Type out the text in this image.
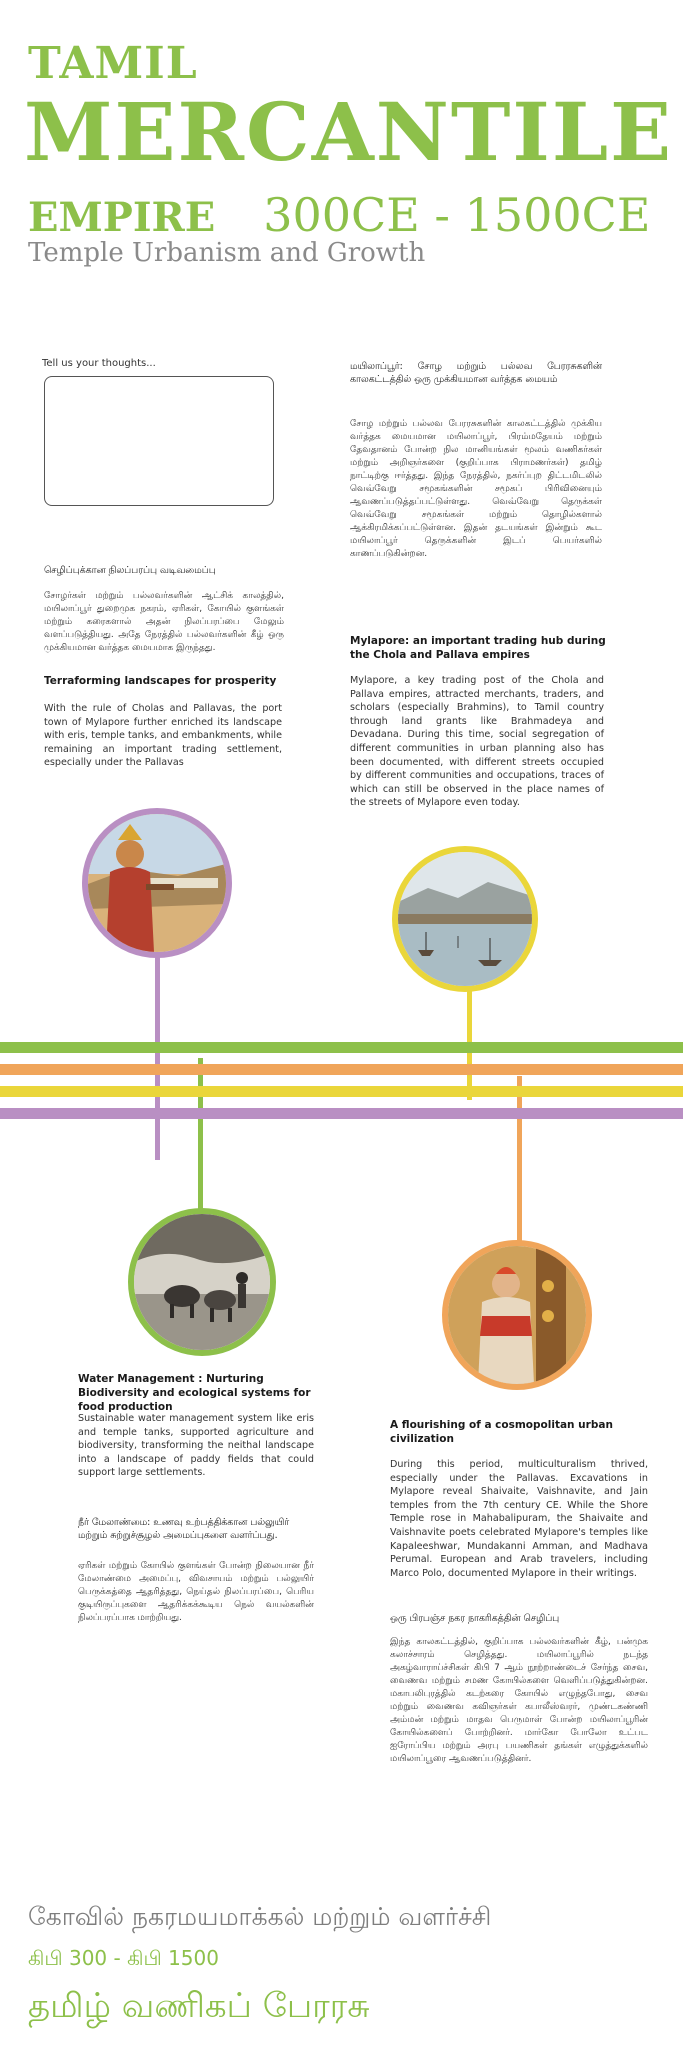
TAMIL
MERCANTILE
EMPIRE 300CE - 1500CE
Temple Urbanism and Growth
Tell us your thoughts...
செழிப்புக்கான நிலப்பரப்பு வடிவமைப்பு
சோழர்கள் மற்றும் பல்லவர்களின் ஆட்சிக் காலத்தில், மயிலாப்பூர் துறைமுக நகரம், ஏரிகள், கோயில் குளங்கள் மற்றும் கரைகளால் அதன் நிலப்பரப்பை மேலும் வளப்படுத்தியது. அதே நேரத்தில் பல்லவர்களின் கீழ் ஒரு முக்கியமான வர்த்தக மையமாக இருந்தது.
Terraforming landscapes for prosperity
With the rule of Cholas and Pallavas, the port town of Mylapore further enriched its landscape with eris, temple tanks, and embankments, while remaining an important trading settlement, especially under the Pallavas
மயிலாப்பூர்: சோழ மற்றும் பல்லவ பேரரசுகளின் காலகட்டத்தில் ஒரு முக்கியமான வர்த்தக மையம்
சோழ மற்றும் பல்லவ பேரரசுகளின் காலகட்டத்தில் முக்கிய வர்த்தக மையமான மயிலாப்பூர், பிரம்மதேயம் மற்றும் தேவதானம் போன்ற நில மானியங்கள் மூலம் வணிகர்கள் மற்றும் அறிஞர்களை (குறிப்பாக பிராமணர்கள்) தமிழ் நாட்டிற்கு ஈர்த்தது. இந்த நேரத்தில், நகர்ப்புற திட்டமிடலில் வெவ்வேறு சமூகங்களின் சமூகப் பிரிவினையும் ஆவணப்படுத்தப்பட்டுள்ளது. வெவ்வேறு தெருக்கள் வெவ்வேறு சமூகங்கள் மற்றும் தொழில்களால் ஆக்கிரமிக்கப்பட்டுள்ளன. இதன் தடயங்கள் இன்றும் கூட மயிலாப்பூர் தெருக்களின் இடப் பெயர்களில் காணப்படுகின்றன.
Mylapore: an important trading hub during the Chola and Pallava empires
Mylapore, a key trading post of the Chola and Pallava empires, attracted merchants, traders, and scholars (especially Brahmins), to Tamil country through land grants like Brahmadeya and Devadana. During this time, social segregation of different communities in urban planning also has been documented, with different streets occupied by different communities and occupations, traces of which can still be observed in the place names of the streets of Mylapore even today.
Water Management : Nurturing Biodiversity and ecological systems for food production
Sustainable water management system like eris and temple tanks, supported agriculture and biodiversity, transforming the neithal landscape into a landscape of paddy fields that could support large settlements.
நீர் மேலாண்மை: உணவு உற்பத்திக்கான பல்லுயிர் மற்றும் சுற்றுச்சூழல் அமைப்புகளை வளர்ப்பது.
ஏரிகள் மற்றும் கோயில் குளங்கள் போன்ற நிலையான நீர் மேலாண்மை அமைப்பு, விவசாயம் மற்றும் பல்லுயிர் பெருக்கத்தை ஆதரித்தது, நெய்தல் நிலப்பரப்பை, பெரிய குடியிருப்புகளை ஆதரிக்கக்கூடிய நெல் வயல்களின் நிலப்பரப்பாக மாற்றியது.
A flourishing of a cosmopolitan urban civilization
During this period, multiculturalism thrived, especially under the Pallavas. Excavations in Mylapore reveal Shaivaite, Vaishnavite, and Jain temples from the 7th century CE. While the Shore Temple rose in Mahabalipuram, the Shaivaite and Vaishnavite poets celebrated Mylapore's temples like Kapaleeshwar, Mundakanni Amman, and Madhava Perumal. European and Arab travelers, including Marco Polo, documented Mylapore in their writings.
ஒரு பிரபஞ்ச நகர நாகரிகத்தின் செழிப்பு
இந்த காலகட்டத்தில், குறிப்பாக பல்லவர்களின் கீழ், பன்முக கலாச்சாரம் செழித்தது. மயிலாப்பூரில் நடந்த அகழ்வாராய்ச்சிகள் கிபி 7 ஆம் நூற்றாண்டைச் சேர்ந்த சைவ, வைணவ மற்றும் சமண கோயில்களை வெளிப்படுத்துகின்றன. மகாபலிபுரத்தில் கடற்கரை கோயில் எழுந்தபோது, சைவ மற்றும் வைணவ கவிஞர்கள் கபாலீஸ்வரர், முண்டகண்ணி அம்மன் மற்றும் மாதவ பெருமாள் போன்ற மயிலாப்பூரின் கோயில்களைப் போற்றினர். மார்கோ போலோ உட்பட ஐரோப்பிய மற்றும் அரபு பயணிகள் தங்கள் எழுத்துக்களில் மயிலாப்பூரை ஆவணப்படுத்தினர்.
கோவில் நகரமயமாக்கல் மற்றும் வளர்ச்சி
கிபி 300 - கிபி 1500
தமிழ் வணிகப் பேரரசு
